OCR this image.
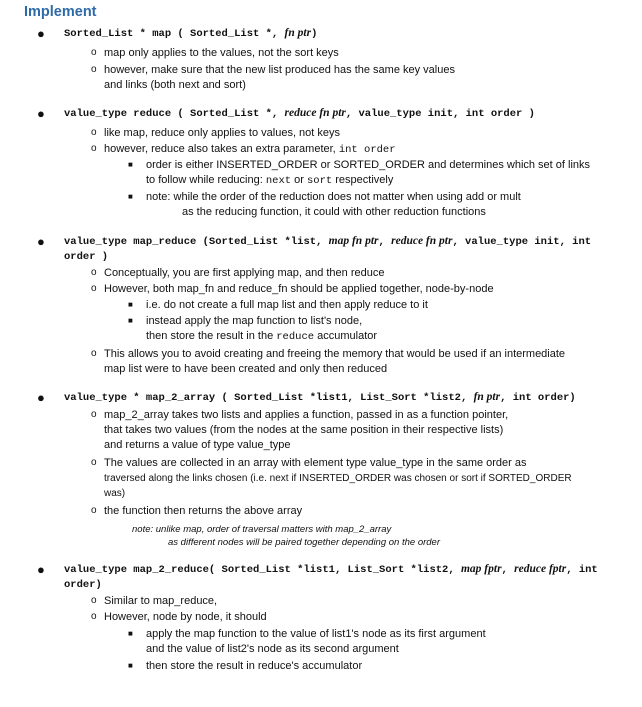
Implement
● Sorted_List * map ( Sorted_List *, fn ptr)
o map only applies to the values, not the sort keys
o however, make sure that the new list produced has the same key values
and links (both next and sort)
● value_type reduce ( Sorted_List *, reduce fn ptr, value_type init, int order )
o like map, reduce only applies to values, not keys
o however, reduce also takes an extra parameter, int order
■ order is either INSERTED_ORDER or SORTED_ORDER and determines which set of links
to follow while reducing: next or sort respectively
■ note: while the order of the reduction does not matter when using add or mult
as the reducing function, it could with other reduction functions
● value_type map_reduce (Sorted_List *list, map fn ptr, reduce fn ptr, value_type init, int
order )
o Conceptually, you are first applying map, and then reduce
o However, both map_fn and reduce_fn should be applied together, node-by-node
■ i.e. do not create a full map list and then apply reduce to it
■ instead apply the map function to list's node,
then store the result in the reduce accumulator
o This allows you to avoid creating and freeing the memory that would be used if an intermediate
map list were to have been created and only then reduced
● value_type * map_2_array ( Sorted_List *list1, List_Sort *list2, fn ptr, int order)
o map_2_array takes two lists and applies a function, passed in as a function pointer,
that takes two values (from the nodes at the same position in their respective lists)
and returns a value of type value_type
o The values are collected in an array with element type value_type in the same order as
traversed along the links chosen (i.e. next if INSERTED_ORDER was chosen or sort if SORTED_ORDER
was)
o the function then returns the above array
note: unlike map, order of traversal matters with map_2_array
as different nodes will be paired together depending on the order
● value_type map_2_reduce( Sorted_List *list1, List_Sort *list2, map fptr, reduce fptr, int
order)
o Similar to map_reduce,
o However, node by node, it should
■ apply the map function to the value of list1's node as its first argument
and the value of list2's node as its second argument
■ then store the result in reduce's accumulator
